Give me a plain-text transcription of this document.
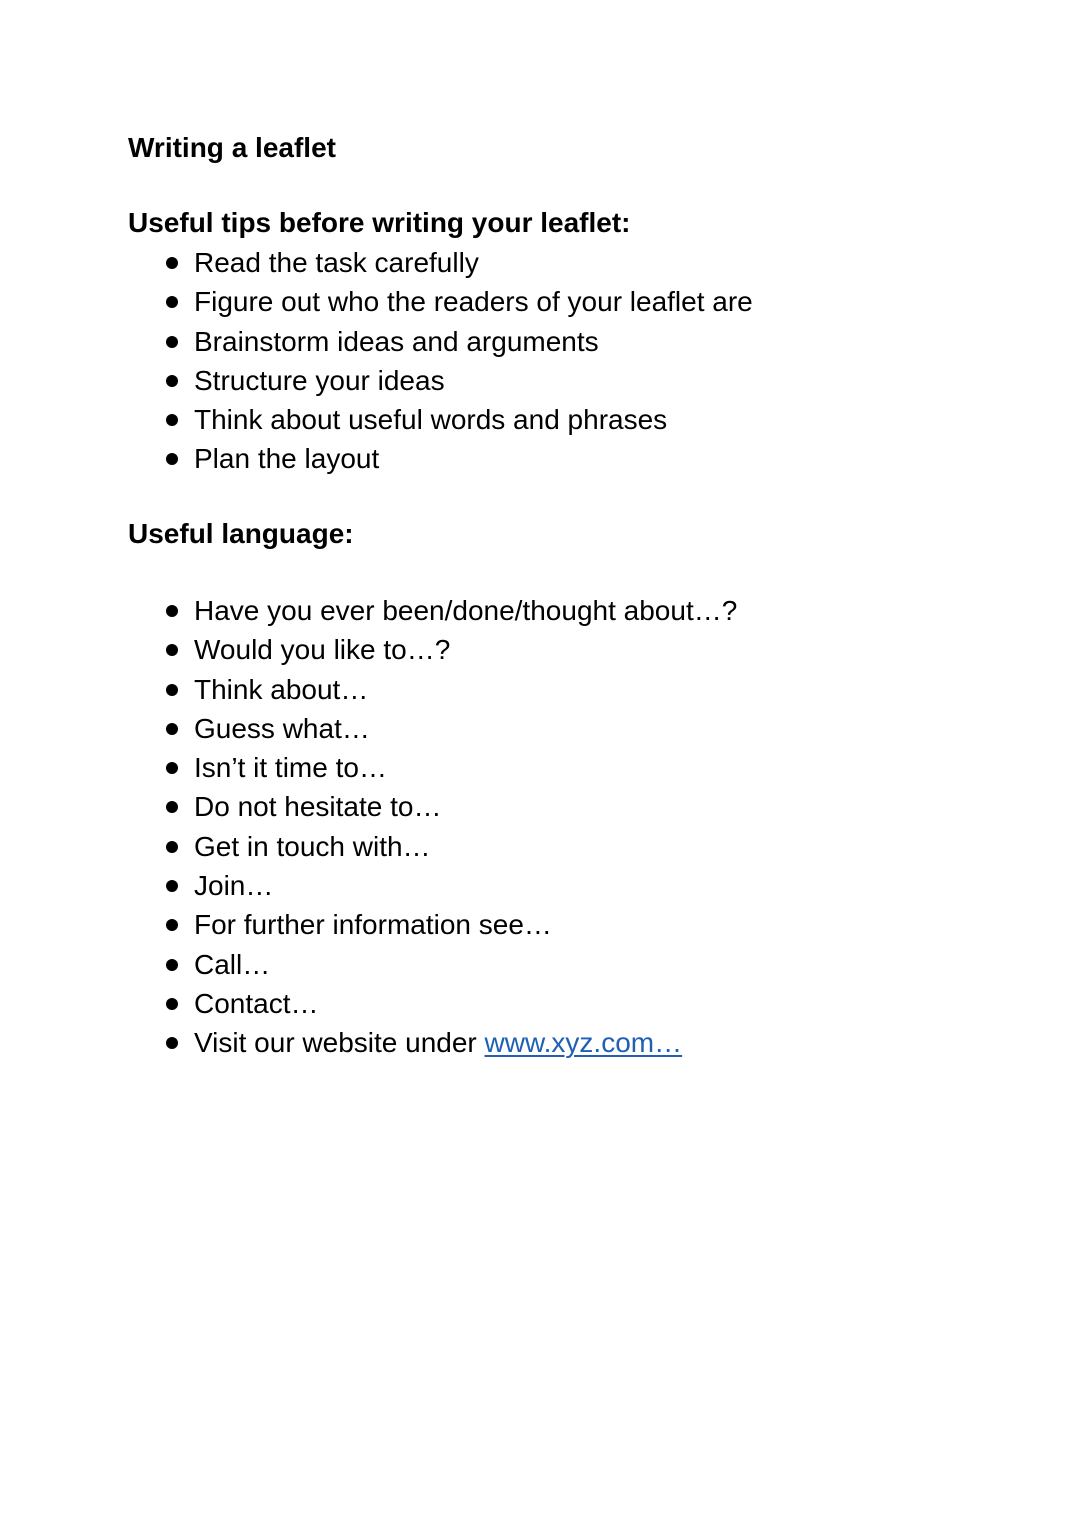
Writing a leaflet
Useful tips before writing your leaflet:
Read the task carefully
Figure out who the readers of your leaflet are
Brainstorm ideas and arguments
Structure your ideas
Think about useful words and phrases
Plan the layout
Useful language:
Have you ever been/done/thought about…?
Would you like to…?
Think about…
Guess what…
Isn’t it time to…
Do not hesitate to…
Get in touch with…
Join…
For further information see…
Call…
Contact…
Visit our website under www.xyz.com…
